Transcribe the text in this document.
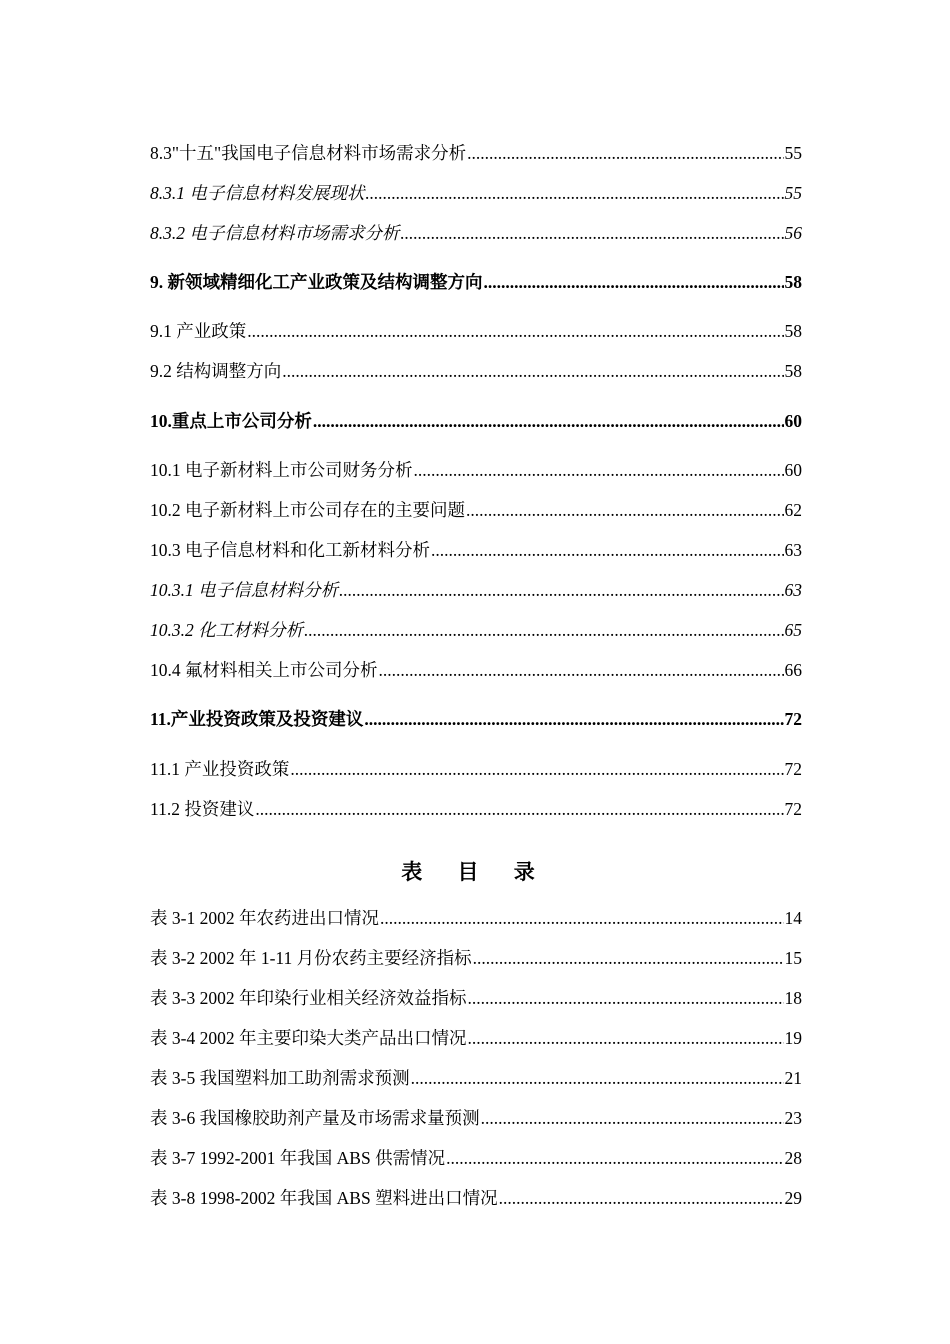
8.3"十五"我国电子信息材料市场需求分析 .....	55
8.3.1 电子信息材料发展现状 .....	55
8.3.2 电子信息材料市场需求分析 .....	56
9. 新领域精细化工产业政策及结构调整方向 .....	58
9.1 产业政策 .....	58
9.2 结构调整方向 .....	58
10.重点上市公司分析 .....	60
10.1 电子新材料上市公司财务分析 .....	60
10.2 电子新材料上市公司存在的主要问题 .....	62
10.3 电子信息材料和化工新材料分析 .....	63
10.3.1 电子信息材料分析 .....	63
10.3.2 化工材料分析 .....	65
10.4 氟材料相关上市公司分析 .....	66
11.产业投资政策及投资建议 .....	72
11.1 产业投资政策 .....	72
11.2 投资建议 .....	72
表 目 录
表 3-1 2002 年农药进出口情况 .....	14
表 3-2 2002 年 1-11 月份农药主要经济指标 .....	15
表 3-3 2002 年印染行业相关经济效益指标 .....	18
表 3-4 2002 年主要印染大类产品出口情况 .....	19
表 3-5 我国塑料加工助剂需求预测 .....	21
表 3-6 我国橡胶助剂产量及市场需求量预测 .....	23
表 3-7 1992-2001 年我国 ABS 供需情况 .....	28
表 3-8 1998-2002 年我国 ABS 塑料进出口情况 .....	29
